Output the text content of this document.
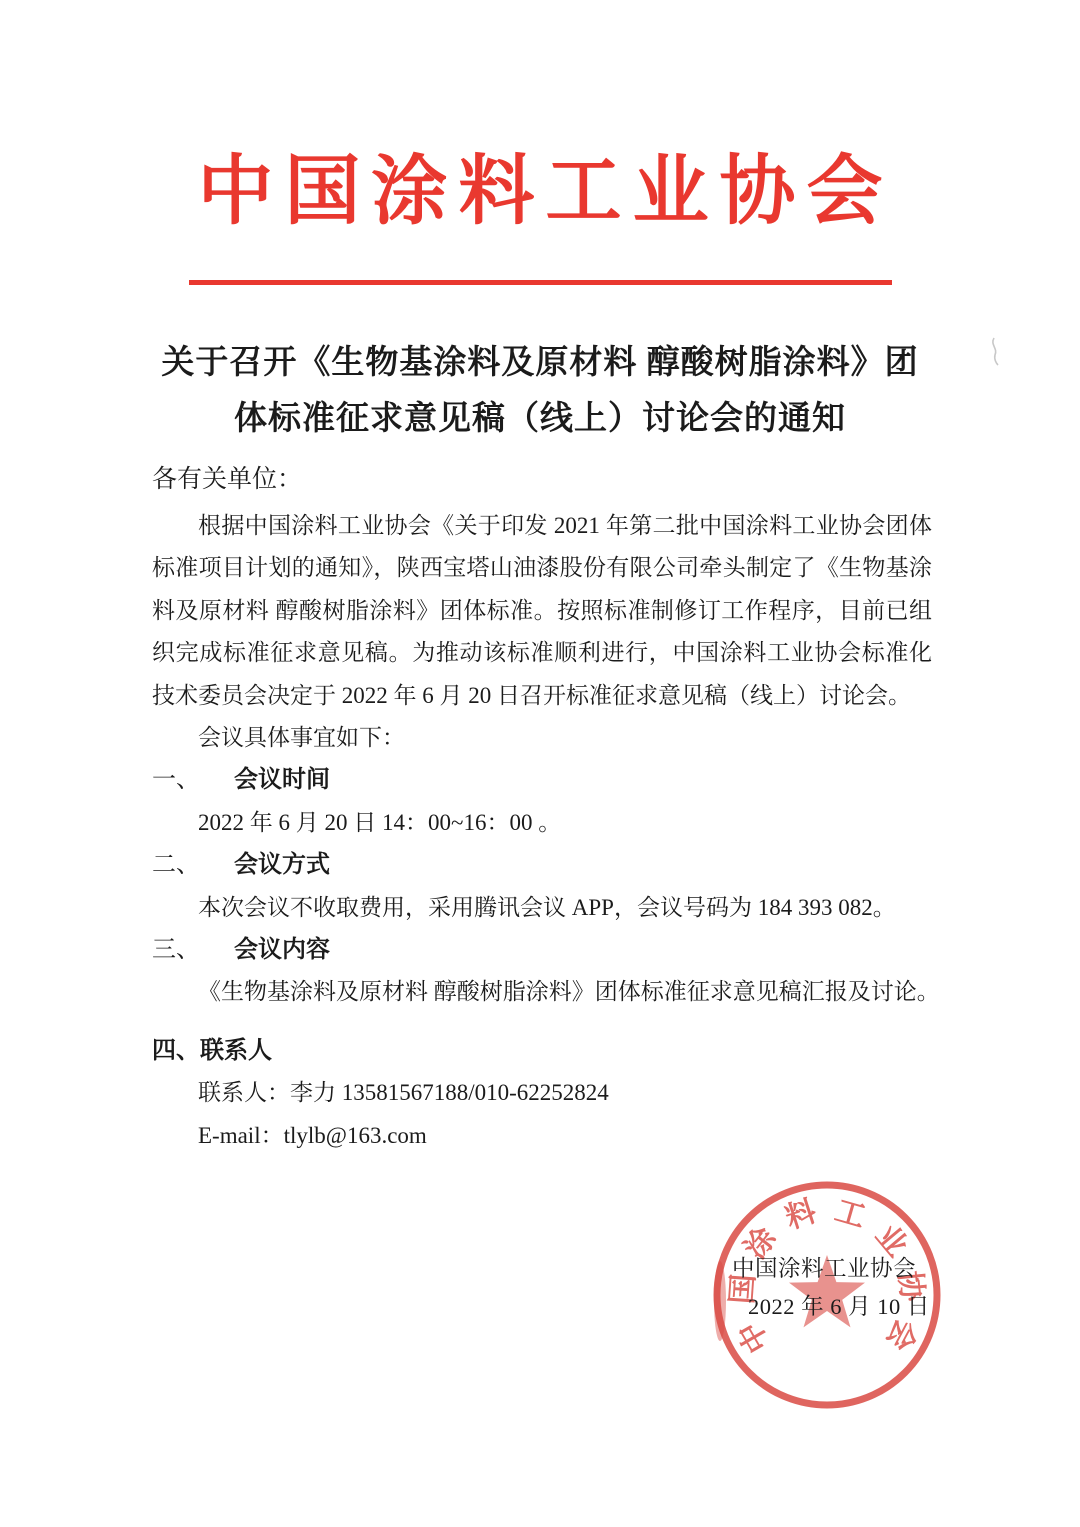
中国涂料工业协会
关于召开《生物基涂料及原材料 醇酸树脂涂料》团
体标准征求意见稿（线上）讨论会的通知
各有关单位：

根据中国涂料工业协会《关于印发 2021 年第二批中国涂料工业协会团体标准项目计划的通知》，陕西宝塔山油漆股份有限公司牵头制定了《生物基涂料及原材料 醇酸树脂涂料》团体标准。按照标准制修订工作程序，目前已组织完成标准征求意见稿。为推动该标准顺利进行，中国涂料工业协会标准化技术委员会决定于 2022 年 6 月 20 日召开标准征求意见稿（线上）讨论会。

会议具体事宜如下：
一、 会议时间
2022 年 6 月 20 日 14：00~16：00 。
二、 会议方式
本次会议不收取费用，采用腾讯会议 APP，会议号码为 184 393 082。
三、 会议内容
《生物基涂料及原材料 醇酸树脂涂料》团体标准征求意见稿汇报及讨论。
四、联系人
联系人：李力 13581567188/010-62252824
E-mail：tlylb@163.com
中国涂料工业协会
2022 年 6 月 10 日
中
国
涂
料 工
业
协
会
